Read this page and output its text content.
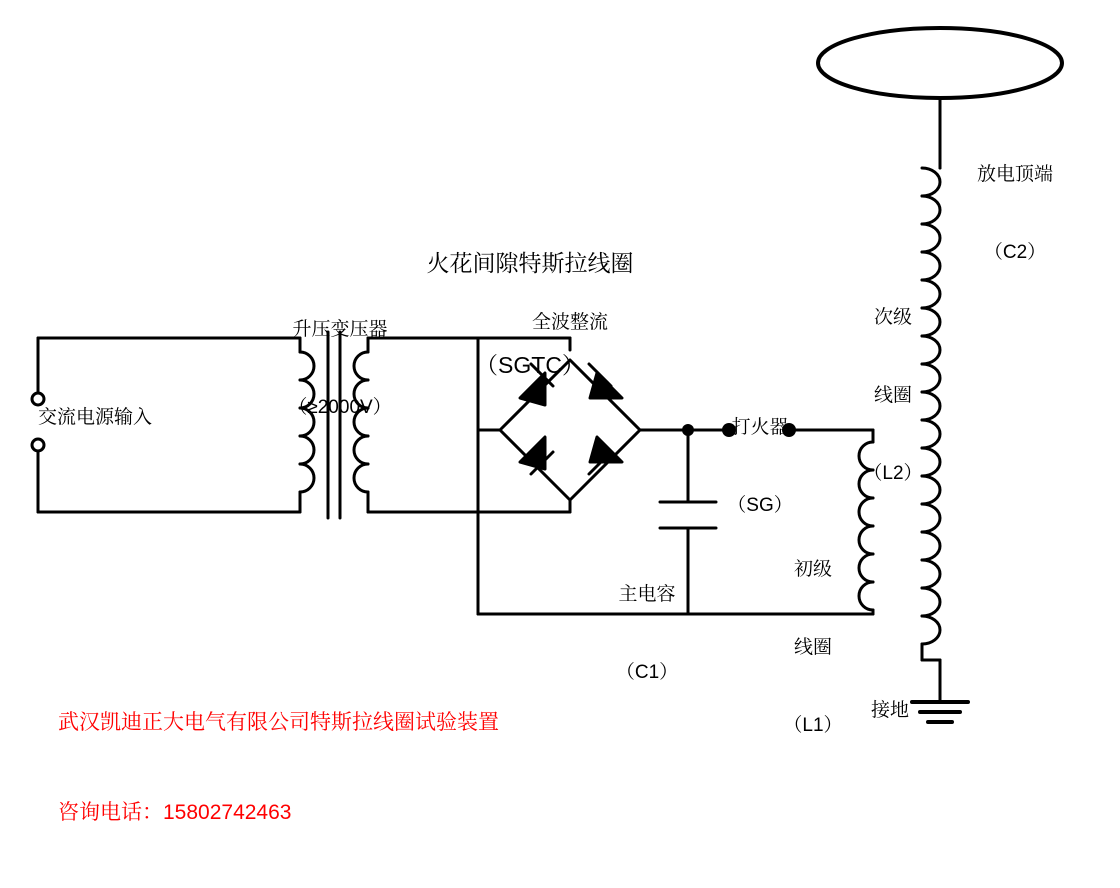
火花间隙特斯拉线圈

（SGTC）

交流电源输入

升压变压器

（≥2000V）

全波整流

打火器

（SG）

主电容

（C1）

初级

线圈

（L1）

次级

线圈

（L2）

放电顶端

（C2）

接地

武汉凯迪正大电气有限公司特斯拉线圈试验装置

咨询电话：15802742463
